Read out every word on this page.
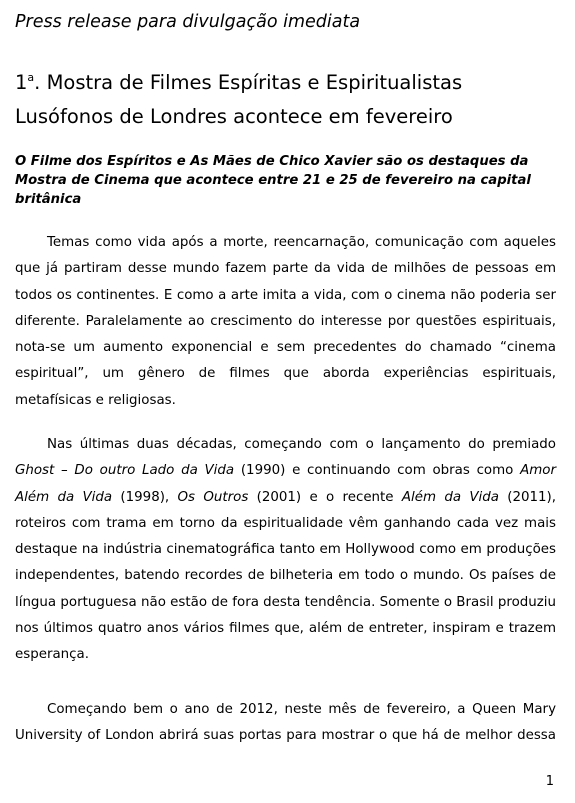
Press release para divulgação imediata
1$^a$. Mostra de Filmes Espíritas e Espiritualistas
Lusófonos de Londres acontece em fevereiro
O Filme dos Espíritos e As Mães de Chico Xavier são os destaques da
Mostra de Cinema que acontece entre 21 e 25 de fevereiro na capital
britânica
Temas como vida após a morte, reencarnação, comunicação com aqueles
que já partiram desse mundo fazem parte da vida de milhões de pessoas em
todos os continentes. E como a arte imita a vida, com o cinema não poderia ser
diferente. Paralelamente ao crescimento do interesse por questões espirituais,
nota-se um aumento exponencial e sem precedentes do chamado “cinema
espiritual”, um gênero de filmes que aborda experiências espirituais,
metafísicas e religiosas.
Nas últimas duas décadas, começando com o lançamento do premiado
Ghost – Do outro Lado da Vida (1990) e continuando com obras como Amor
Além da Vida (1998), Os Outros (2001) e o recente Além da Vida (2011),
roteiros com trama em torno da espiritualidade vêm ganhando cada vez mais
destaque na indústria cinematográfica tanto em Hollywood como em produções
independentes, batendo recordes de bilheteria em todo o mundo. Os países de
língua portuguesa não estão de fora desta tendência. Somente o Brasil produziu
nos últimos quatro anos vários filmes que, além de entreter, inspiram e trazem
esperança.
Começando bem o ano de 2012, neste mês de fevereiro, a Queen Mary
University of London abrirá suas portas para mostrar o que há de melhor dessa
1
